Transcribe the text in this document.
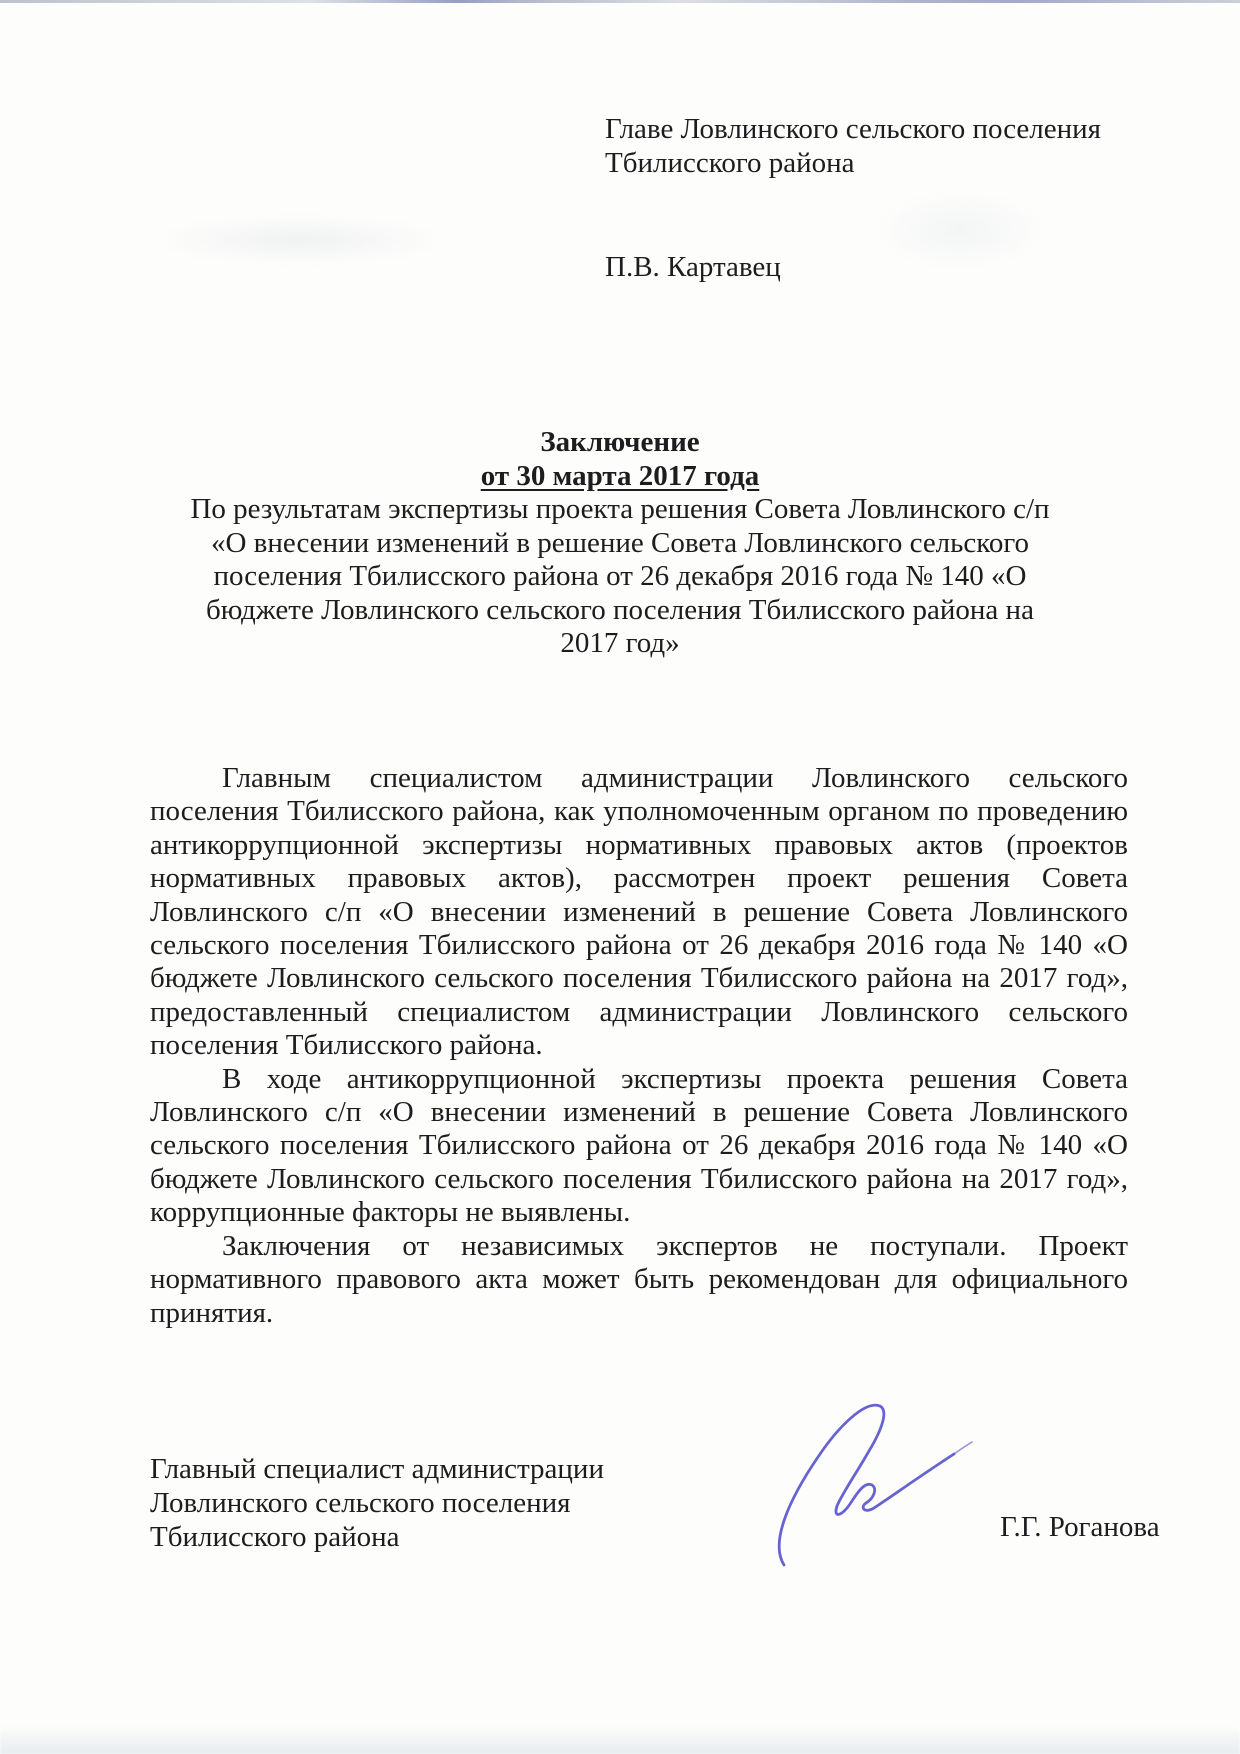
Главе Ловлинского сельского поселения
Тбилисского района
П.В. Картавец
Заключение
от 30 марта 2017 года
По результатам экспертизы проекта решения Совета Ловлинского с/п
«О внесении изменений в решение Совета Ловлинского сельского
поселения Тбилисского района от 26 декабря 2016 года № 140 «О
бюджете Ловлинского сельского поселения Тбилисского района на
2017 год»

Главным специалистом администрации Ловлинского сельского поселения Тбилисского района, как уполномоченным органом по проведению антикоррупционной экспертизы нормативных правовых актов (проектов нормативных правовых актов), рассмотрен проект решения Совета Ловлинского с/п «О внесении изменений в решение Совета Ловлинского сельского поселения Тбилисского района от 26 декабря 2016 года № 140 «О бюджете Ловлинского сельского поселения Тбилисского района на 2017 год», предоставленный специалистом администрации Ловлинского сельского поселения Тбилисского района.

В ходе антикоррупционной экспертизы проекта решения Совета Ловлинского с/п «О внесении изменений в решение Совета Ловлинского сельского поселения Тбилисского района от 26 декабря 2016 года № 140 «О бюджете Ловлинского сельского поселения Тбилисского района на 2017 год», коррупционные факторы не выявлены.

Заключения от независимых экспертов не поступали. Проект нормативного правового акта может быть рекомендован для официального принятия.

Главный специалист администрации
Ловлинского сельского поселения
Тбилисского района	Г.Г. Роганова
